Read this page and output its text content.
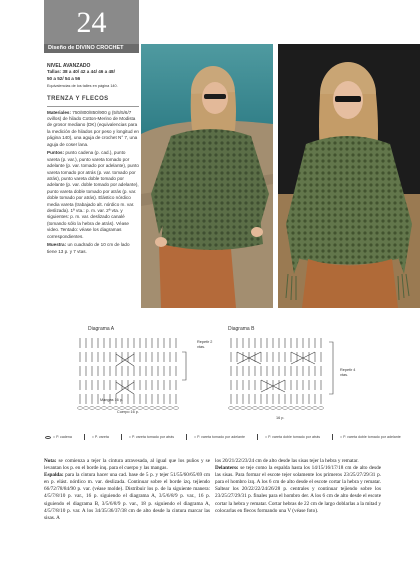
24
Diseño de DIVINO CROCHET
NIVEL AVANZADO
Tallas: 38 a 40/ 42 a 44/ 46 a 48/
50 a 52/ 54 a 56
Equivalencias de los talles en página 140.
TRENZA Y FLECOS

Materiales: 750/800/850/900 g (5/5/5/6/7 ovillos) de hilado Cotton-Merino de Modista de grosor mediano (DK) (equivalencias para la medición de hilados por peso y longitud en página 140), una aguja de crochet N° 7, una aguja de coser lana.

Puntos: punto cadena (p. cad.), punto vareta (p. var.), punto vareta tomado por adelante (p. var. tomado por adelante), punto vareta tomado por atrás (p. var. tomado por atrás), punto vareta doble tomado por adelante (p. var. doble tomado por adelante), punto vareta doble tomado por atrás (p. var. doble tomado por atrás). Elástico nórdico media vareta (trabajado alt. nórdico m. var. deslizada). 1ª vta.: p. m. var. 2ª vta. y siguientes: p. m. var. deslizado canalé (tomando sólo la hebra de atrás). Véase video. Tentado: véase los diagramas correspondientes.

Muestra: un cuadrado de 10 cm de lado tiene 13 p. y 7 vtas.

Diagrama A
Repetir 2 vtas.
Mangas 16 p.
Cuerpo 16 p.
Diagrama B
Repetir 4 vtas.
16 p.
= P. cadena	= P. vareta	= P. vareta tomado por atrás	= P. vareta tomado por adelante	= P. vareta doble tomado por atrás	= P. vareta doble tomado por adelante

Nota: se comienza a tejer la cintura atravesada, al igual que los puños y se levantan los p. en el borde inq. para el cuerpo y las mangas.

Espalda: para la cintura hacer una cad. base de 5 p. y tejer 51/55/60/65/69 cm en p. elást. nórdico m. var. deslizada. Continuar sobre el borde izq. tejiendo 66/72/78/84/90 p. var. (véase molde). Distribuir los p. de la siguiente manera: 4/5/7/8/10 p. var., 16 p. siguiendo el diagrama A, 3/5/6/8/9 p. var., 16 p. siguiendo el diagrama B, 3/5/6/8/9 p. var., 18 p. siguiendo el diagrama A, 4/5/7/8/10 p. var. A los 34/35/36/37/38 cm de alto desde la cintura marcar las sisas. A

los 20/21/22/23/24 cm de alto desde las sisas tejer la hebra y rematar.

Delantero: se teje como la espalda hasta los 14/15/16/17/18 cm de alto desde las sisas. Para formar el escote tejer solamente los primeros 23/25/27/29/31 p. para el hombro izq. A los 6 cm de alto desde el escote cortar la hebra y rematar. Saltear los 20/22/22/24/26/28 p. centrales y continuar tejiendo sobre los 23/25/27/29/31 p. finales para el hombro der. A los 6 cm de alto desde el escote cortar la hebra y rematar. Cortar hebras de 22 cm de largo doblarlas a la mitad y colocarlas en flecos formando una V (véase foto).
